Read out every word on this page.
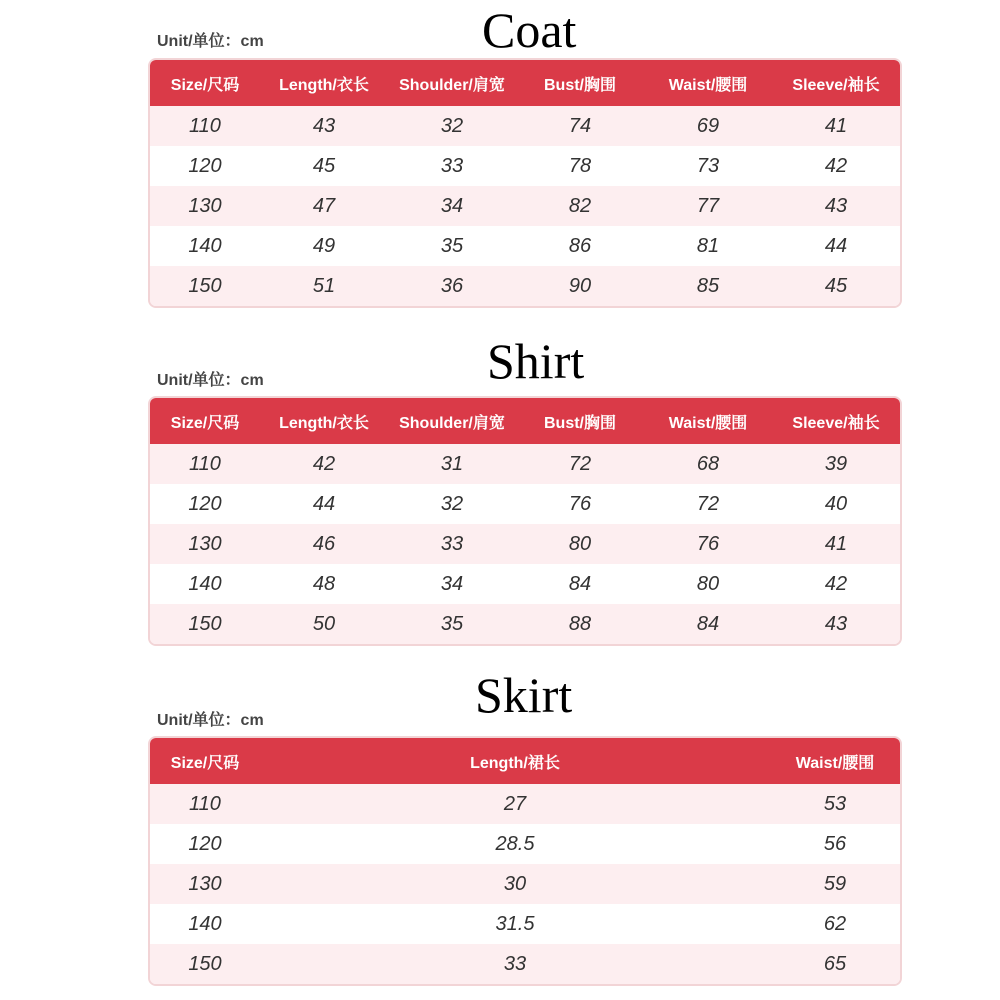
Coat
Unit/单位：cm
Size/尺码	Length/衣长	Shoulder/肩宽	Bust/胸围	Waist/腰围	Sleeve/袖长
110	43	32	74	69	41
120	45	33	78	73	42
130	47	34	82	77	43
140	49	35	86	81	44
150	51	36	90	85	45
Shirt
Unit/单位：cm
Size/尺码	Length/衣长	Shoulder/肩宽	Bust/胸围	Waist/腰围	Sleeve/袖长
110	42	31	72	68	39
120	44	32	76	72	40
130	46	33	80	76	41
140	48	34	84	80	42
150	50	35	88	84	43
Skirt
Unit/单位：cm
Size/尺码	Length/裙长	Waist/腰围
110	27	53
120	28.5	56
130	30	59
140	31.5	62
150	33	65
